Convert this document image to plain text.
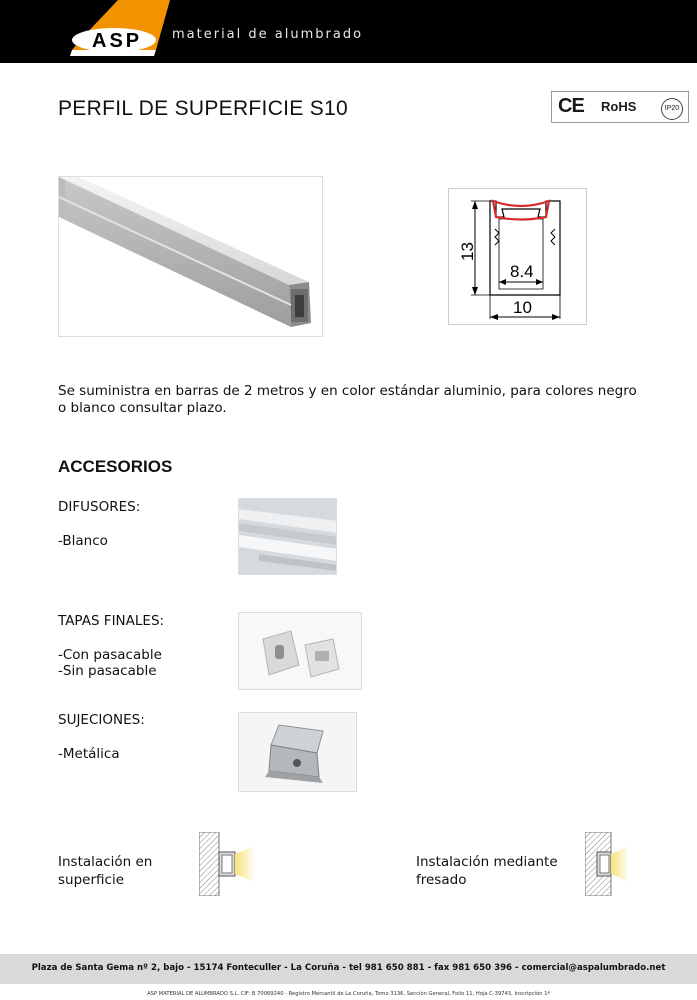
ASP material de alumbrado
PERFIL DE SUPERFICIE S10	CE RoHS	IP20
13
8.4
10

Se suministra en barras de 2 metros y en color estándar aluminio, para colores negro o blanco consultar plazo.

ACCESORIOS
DIFUSORES:
-Blanco
TAPAS FINALES:
-Con pasacable
-Sin pasacable
SUJECIONES:
-Metálica
Instalación en
superficie
Instalación mediante
fresado
Plaza de Santa Gema nº 2, bajo - 15174 Fonteculler - La Coruña - tel 981 650 881 - fax 981 650 396 - comercial@aspalumbrado.net
ASP MATERIAL DE ALUMBRADO S.L. CIF: B 70069240 - Registro Mercantil de La Coruña, Tomo 3136, Sección General, Folio 11, Hoja C-39743, Inscripción 1ª
